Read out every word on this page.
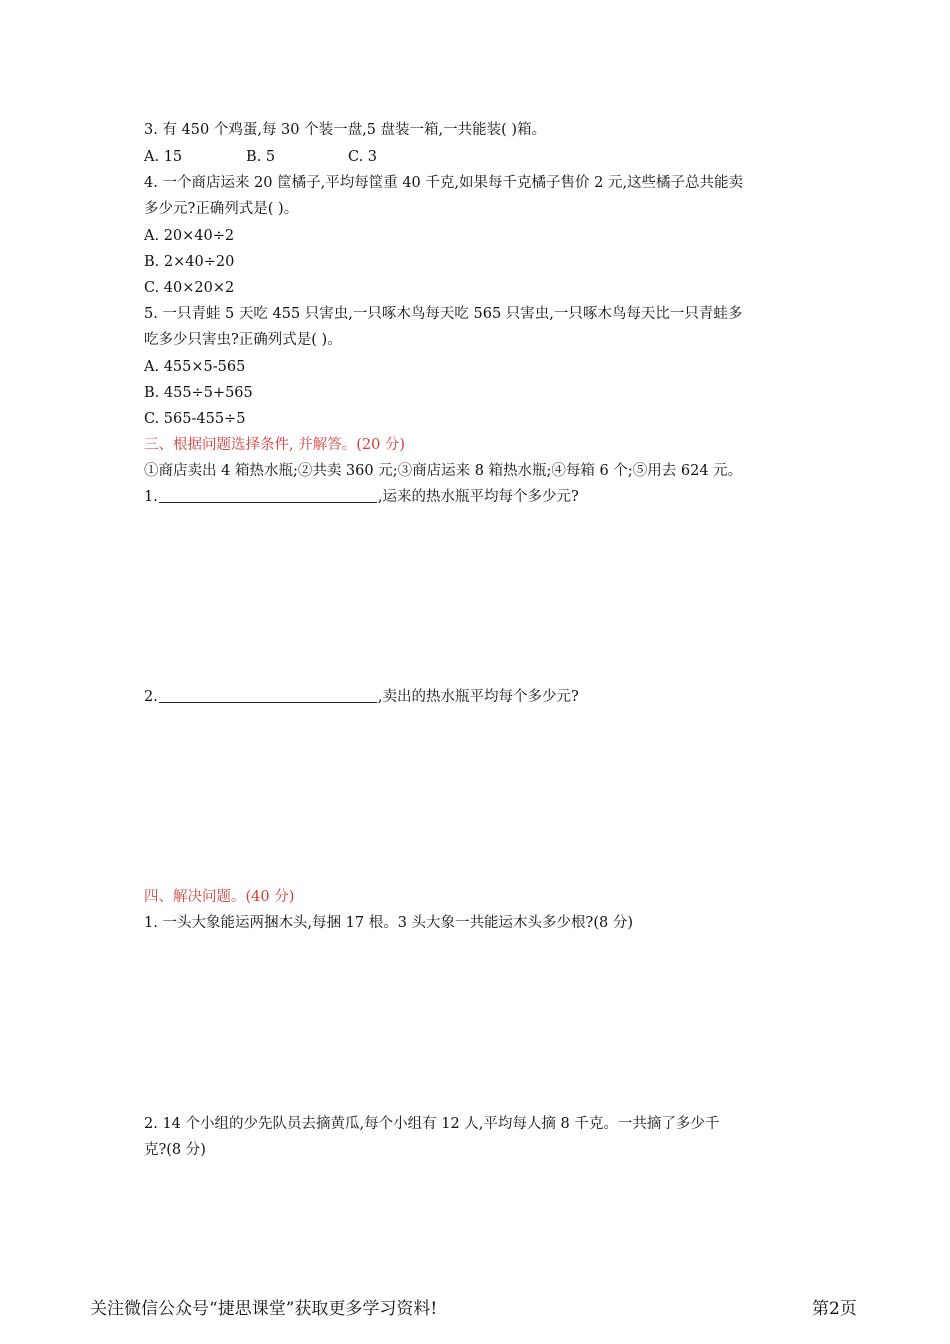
3. 有 450 个鸡蛋,每 30 个装一盘,5 盘装一箱,一共能装( )箱。
A. 15	B. 5	C. 3
4. 一个商店运来 20 筐橘子,平均每筐重 40 千克,如果每千克橘子售价 2 元,这些橘子总共能卖
多少元?正确列式是( )。
A. 20×40÷2
B. 2×40÷20
C. 40×20×2
5. 一只青蛙 5 天吃 455 只害虫,一只啄木鸟每天吃 565 只害虫,一只啄木鸟每天比一只青蛙多
吃多少只害虫?正确列式是( )。
A. 455×5-565
B. 455÷5+565
C. 565-455÷5
三、根据问题选择条件, 并解答。(20 分)
①商店卖出 4 箱热水瓶;②共卖 360 元;③商店运来 8 箱热水瓶;④每箱 6 个;⑤用去 624 元。
1.	,运来的热水瓶平均每个多少元?
2.	,卖出的热水瓶平均每个多少元?
四、解决问题。(40 分)
1. 一头大象能运两捆木头,每捆 17 根。3 头大象一共能运木头多少根?(8 分)
2. 14 个小组的少先队员去摘黄瓜,每个小组有 12 人,平均每人摘 8 千克。一共摘了多少千
克?(8 分)
关注微信公众号“捷思课堂”获取更多学习资料!	第2页
